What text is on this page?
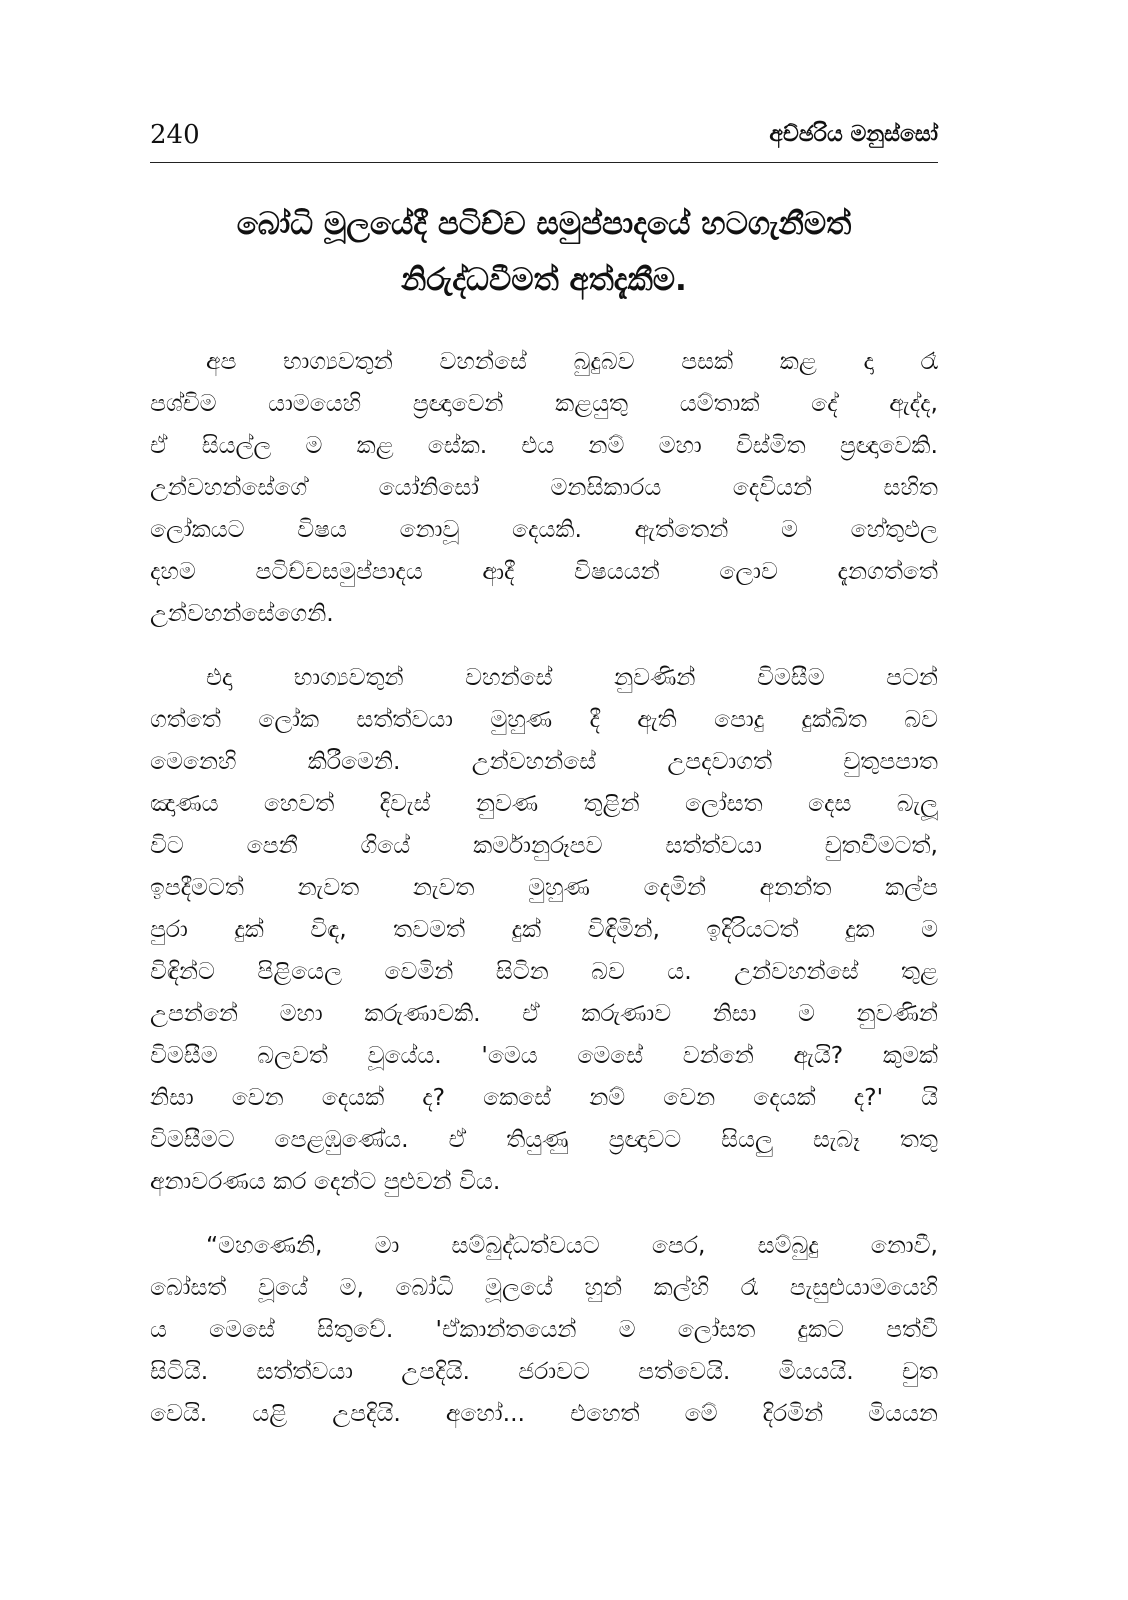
240	අච්ඡරිය මනුස්සෝ
බෝධි මූලයේදී පටිච්ච සමුප්පාදයේ හටගැනීමත්
නිරුද්ධවීමත් අත්දැකීම.
අප භාග්‍යවතුන් වහන්සේ බුදුබව පසක් කළ දා රෑ
පශ්චිම යාමයෙහි ප්‍රඥාවෙන් කළයුතු යම්තාක් දේ ඇද්ද,
ඒ සියල්ල ම කළ සේක. එය නම් මහා විස්මිත ප්‍රඥාවෙකි.
උන්වහන්සේගේ යෝනිසෝ මනසිකාරය දෙවියන් සහිත
ලෝකයට විෂය නොවූ දෙයකි. ඇත්තෙන් ම හේතුඵල
දහම පටිච්චසමුප්පාදය ආදී විෂයයන් ලොව දැනගත්තේ
උන්වහන්සේගෙනි.
එදා භාග්‍යවතුන් වහන්සේ නුවණින් විමසීම පටන්
ගත්තේ ලෝක සත්ත්වයා මුහුණ දී ඇති පොදු දුක්ඛිත බව
මෙනෙහි කිරීමෙනි. උන්වහන්සේ උපදවාගත් චුතුපපාත
ඤාණය හෙවත් දිවැස් නුවණ තුළින් ලෝසත දෙස බැලූ
විට පෙනී ගියේ කර්මානුරූපව සත්ත්වයා චුතවීමටත්,
ඉපදීමටත් නැවත නැවත මුහුණ දෙමින් අනන්ත කල්ප
පුරා දුක් විඳ, තවමත් දුක් විඳිමින්, ඉදිරියටත් දුක ම
විඳින්ට පිළියෙල වෙමින් සිටින බව ය. උන්වහන්සේ තුළ
උපන්නේ මහා කරුණාවකි. ඒ කරුණාව නිසා ම නුවණින්
විමසීම බලවත් වූයේය. 'මෙය මෙසේ වන්නේ ඇයි? කුමක්
නිසා වෙන දෙයක් ද? කෙසේ නම් වෙන දෙයක් ද?' යි
විමසීමට පෙළඹුණේය. ඒ තියුණු ප්‍රඥාවට සියලු සැබෑ තතු
අනාවරණය කර දෙන්ට පුළුවන් විය.
“මහණෙනි, මා සම්බුද්ධත්වයට පෙර, සම්බුදු නොවී,
බෝසත් වූයේ ම, බෝධි මූලයේ හුන් කල්හි රෑ පැසුළුයාමයෙහි
ය මෙසේ සිතුවේ. 'ඒකාන්තයෙන් ම ලෝසත දුකට පත්වී
සිටියි. සත්ත්වයා උපදියි. ජරාවට පත්වෙයි. මියයයි. චුත
වෙයි. යළි උපදියි. අහෝ... එහෙත් මේ දිරමින් මියයන
